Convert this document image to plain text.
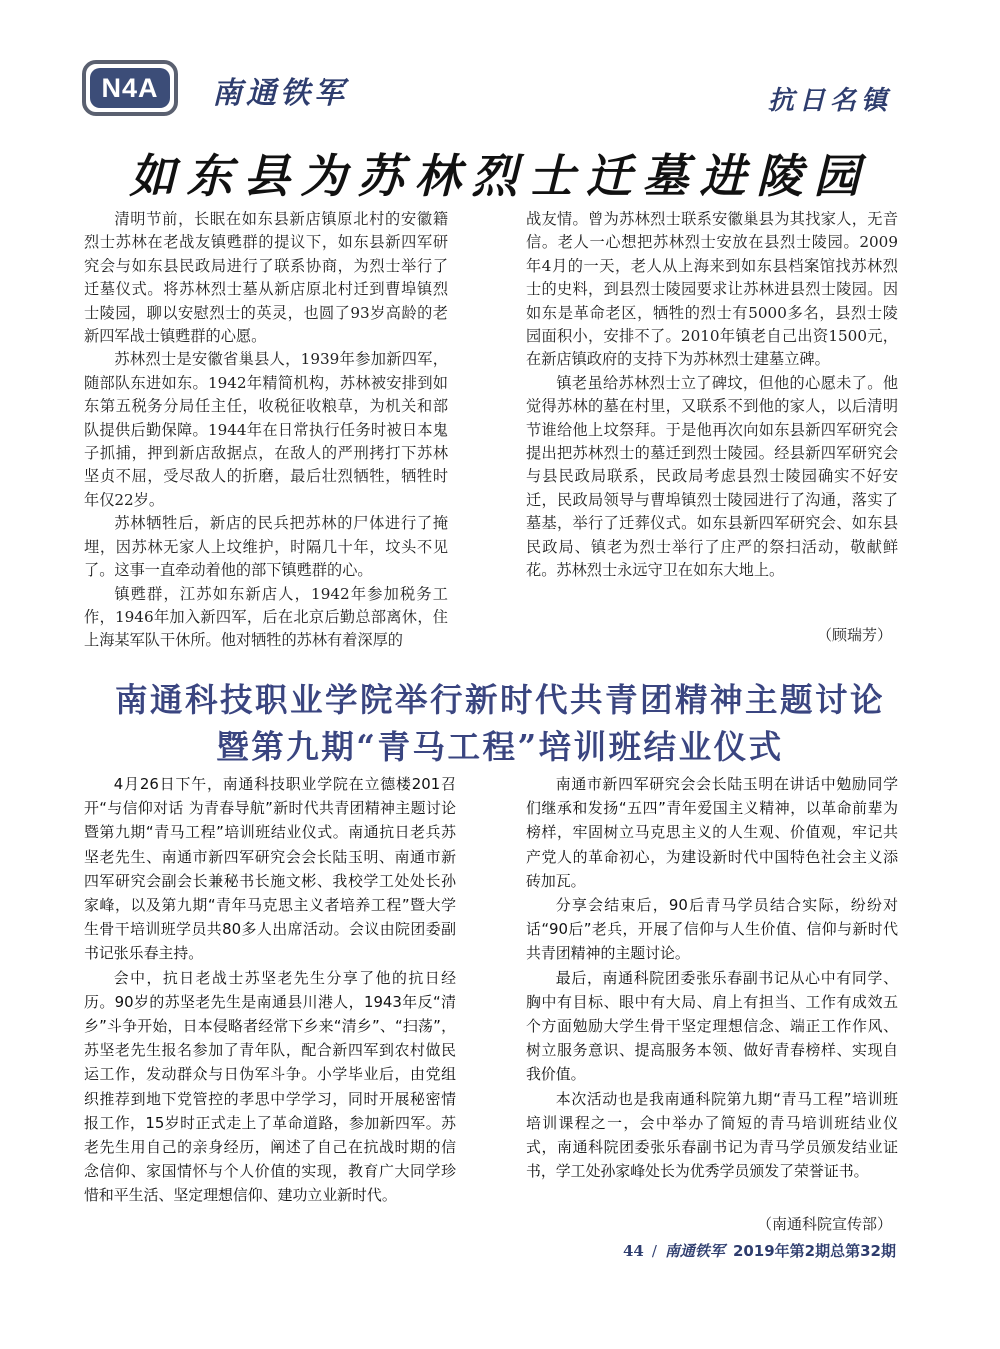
N4A	南通铁军	抗日名镇
如东县为苏林烈士迁墓进陵园

清明节前，长眠在如东县新店镇原北村的安徽籍烈士苏林在老战友镇甦群的提议下，如东县新四军研究会与如东县民政局进行了联系协商，为烈士举行了迁墓仪式。将苏林烈士墓从新店原北村迁到曹埠镇烈士陵园，聊以安慰烈士的英灵，也圆了93岁高龄的老新四军战士镇甦群的心愿。

苏林烈士是安徽省巢县人，1939年参加新四军，随部队东进如东。1942年精简机构，苏林被安排到如东第五税务分局任主任，收税征收粮草，为机关和部队提供后勤保障。1944年在日常执行任务时被日本鬼子抓捕，押到新店敌据点，在敌人的严刑拷打下苏林坚贞不屈，受尽敌人的折磨，最后壮烈牺牲，牺牲时年仅22岁。

苏林牺牲后，新店的民兵把苏林的尸体进行了掩埋，因苏林无家人上坟维护，时隔几十年，坟头不见了。这事一直牵动着他的部下镇甦群的心。

镇甦群，江苏如东新店人，1942年参加税务工作，1946年加入新四军，后在北京后勤总部离休，住上海某军队干休所。他对牺牲的苏林有着深厚的

战友情。曾为苏林烈士联系安徽巢县为其找家人，无音信。老人一心想把苏林烈士安放在县烈士陵园。2009年4月的一天，老人从上海来到如东县档案馆找苏林烈士的史料，到县烈士陵园要求让苏林进县烈士陵园。因如东是革命老区，牺牲的烈士有5000多名，县烈士陵园面积小，安排不了。2010年镇老自己出资1500元，在新店镇政府的支持下为苏林烈士建墓立碑。

镇老虽给苏林烈士立了碑坟，但他的心愿未了。他觉得苏林的墓在村里，又联系不到他的家人，以后清明节谁给他上坟祭拜。于是他再次向如东县新四军研究会提出把苏林烈士的墓迁到烈士陵园。经县新四军研究会与县民政局联系，民政局考虑县烈士陵园确实不好安迁，民政局领导与曹埠镇烈士陵园进行了沟通，落实了墓基，举行了迁葬仪式。如东县新四军研究会、如东县民政局、镇老为烈士举行了庄严的祭扫活动，敬献鲜花。苏林烈士永远守卫在如东大地上。

（顾瑞芳）
南通科技职业学院举行新时代共青团精神主题讨论
暨第九期“青马工程”培训班结业仪式

4月26日下午，南通科技职业学院在立德楼201召开“与信仰对话 为青春导航”新时代共青团精神主题讨论暨第九期“青马工程”培训班结业仪式。南通抗日老兵苏坚老先生、南通市新四军研究会会长陆玉明、南通市新四军研究会副会长兼秘书长施文彬、我校学工处处长孙家峰，以及第九期“青年马克思主义者培养工程”暨大学生骨干培训班学员共80多人出席活动。会议由院团委副书记张乐春主持。

会中，抗日老战士苏坚老先生分享了他的抗日经历。90岁的苏坚老先生是南通县川港人，1943年反“清乡”斗争开始，日本侵略者经常下乡来“清乡”、“扫荡”，苏坚老先生报名参加了青年队，配合新四军到农村做民运工作，发动群众与日伪军斗争。小学毕业后，由党组织推荐到地下党管控的孝思中学学习，同时开展秘密情报工作，15岁时正式走上了革命道路，参加新四军。苏老先生用自己的亲身经历，阐述了自己在抗战时期的信念信仰、家国情怀与个人价值的实现，教育广大同学珍惜和平生活、坚定理想信仰、建功立业新时代。

南通市新四军研究会会长陆玉明在讲话中勉励同学们继承和发扬“五四”青年爱国主义精神，以革命前辈为榜样，牢固树立马克思主义的人生观、价值观，牢记共产党人的革命初心，为建设新时代中国特色社会主义添砖加瓦。

分享会结束后，90后青马学员结合实际，纷纷对话“90后”老兵，开展了信仰与人生价值、信仰与新时代共青团精神的主题讨论。

最后，南通科院团委张乐春副书记从心中有同学、胸中有目标、眼中有大局、肩上有担当、工作有成效五个方面勉励大学生骨干坚定理想信念、端正工作作风、树立服务意识、提高服务本领、做好青春榜样、实现自我价值。

本次活动也是我南通科院第九期“青马工程”培训班培训课程之一，会中举办了简短的青马培训班结业仪式，南通科院团委张乐春副书记为青马学员颁发结业证书，学工处孙家峰处长为优秀学员颁发了荣誉证书。

（南通科院宣传部）
44 / 南通铁军 2019年第2期总第32期
